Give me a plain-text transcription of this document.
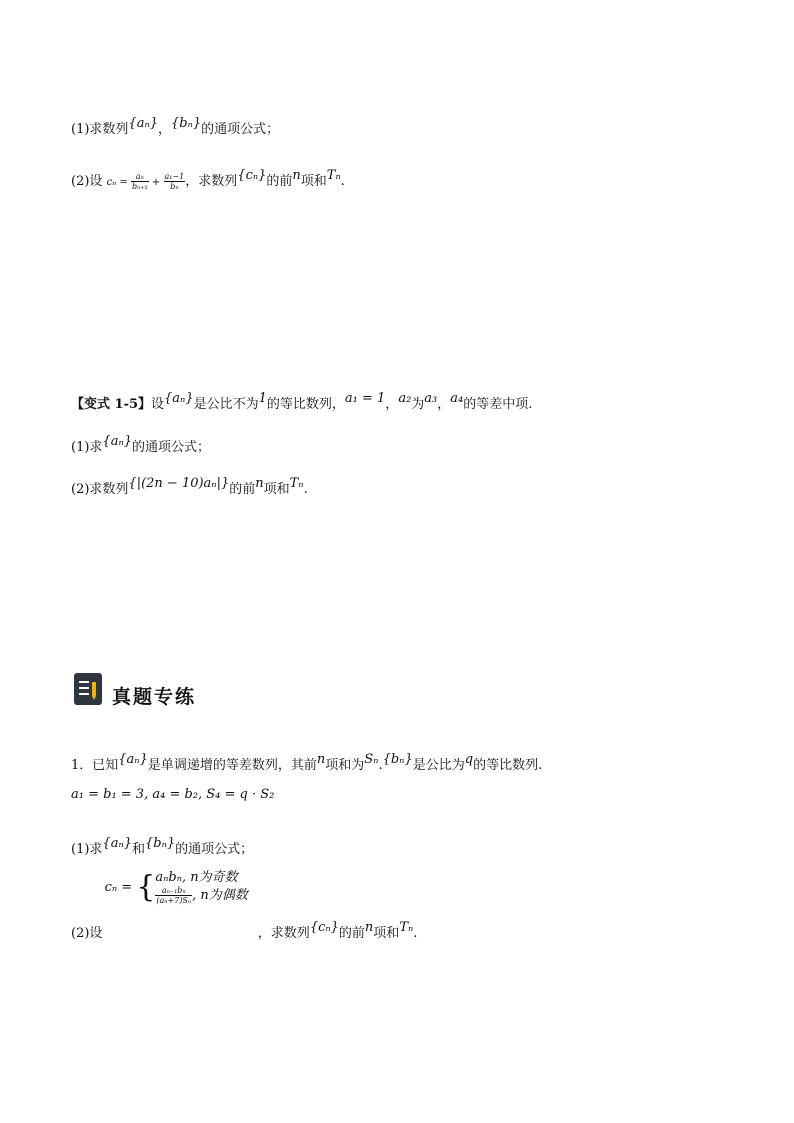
(1)求数列{aₙ}，{bₙ}的通项公式；
(2)设 $c_n = \frac{\text{aₙ}}{\text{bₙ₊₁}} + \frac{\text{a₁−1}}{\text{bₙ}}$ ，求数列{cₙ}的前n项和Tₙ.
【变式 1-5】设{aₙ}是公比不为1的等比数列，a₁ = 1，a₂为a₃，a₄的等差中项.
(1)求{aₙ}的通项公式；
(2)求数列{|(2n − 10)aₙ|}的前n项和Tₙ.
真题专练
1．已知{aₙ}是单调递增的等差数列，其前n项和为Sₙ.{bₙ}是公比为q的等比数列.
a₁ = b₁ = 3, a₄ = b₂, S₄ = q · S₂
(1)求{aₙ}和{bₙ}的通项公式；
(2)设 cₙ = { aₙbₙ, n为奇数
$\frac{\text{aₙ₋₁bₙ}}{\text{(aₙ+7)Sₙ}}$ , n为偶数
，求数列{cₙ}的前n项和Tₙ.
